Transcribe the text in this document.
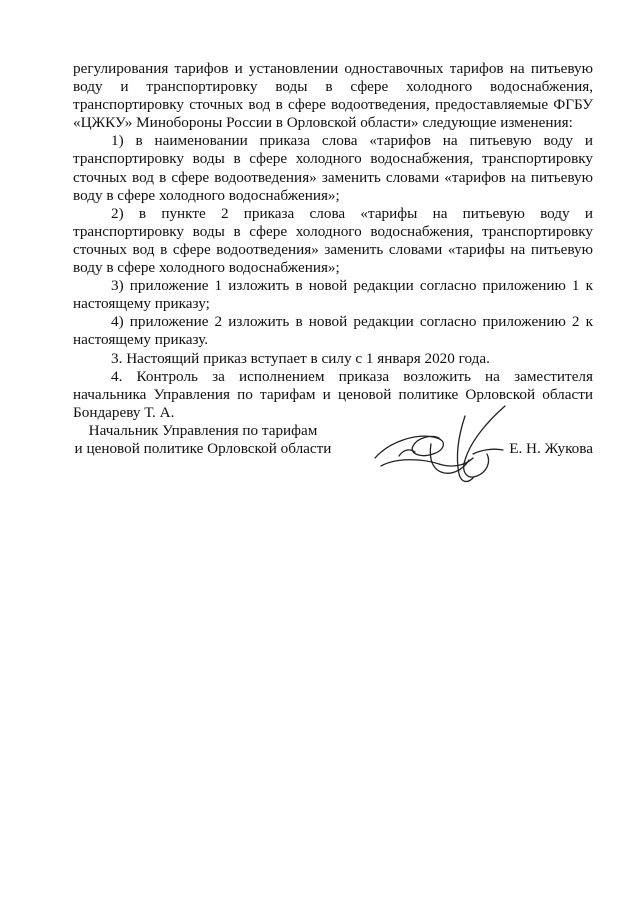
регулирования тарифов и установлении одноставочных тарифов на питьевую воду и транспортировку воды в сфере холодного водоснабжения, транспортировку сточных вод в сфере водоотведения, предоставляемые ФГБУ «ЦЖКУ» Минобороны России в Орловской области» следующие изменения:

1) в наименовании приказа слова «тарифов на питьевую воду и транспортировку воды в сфере холодного водоснабжения, транспортировку сточных вод в сфере водоотведения» заменить словами «тарифов на питьевую воду в сфере холодного водоснабжения»;

2) в пункте 2 приказа слова «тарифы на питьевую воду и транспортировку воды в сфере холодного водоснабжения, транспортировку сточных вод в сфере водоотведения» заменить словами «тарифы на питьевую воду в сфере холодного водоснабжения»;

3) приложение 1 изложить в новой редакции согласно приложению 1 к настоящему приказу;

4) приложение 2 изложить в новой редакции согласно приложению 2 к настоящему приказу.

3. Настоящий приказ вступает в силу с 1 января 2020 года.

4. Контроль за исполнением приказа возложить на заместителя начальника Управления по тарифам и ценовой политике Орловской области Бондареву Т. А.

Начальник Управления по тарифам
и ценовой политике Орловской области	Е. Н. Жукова
